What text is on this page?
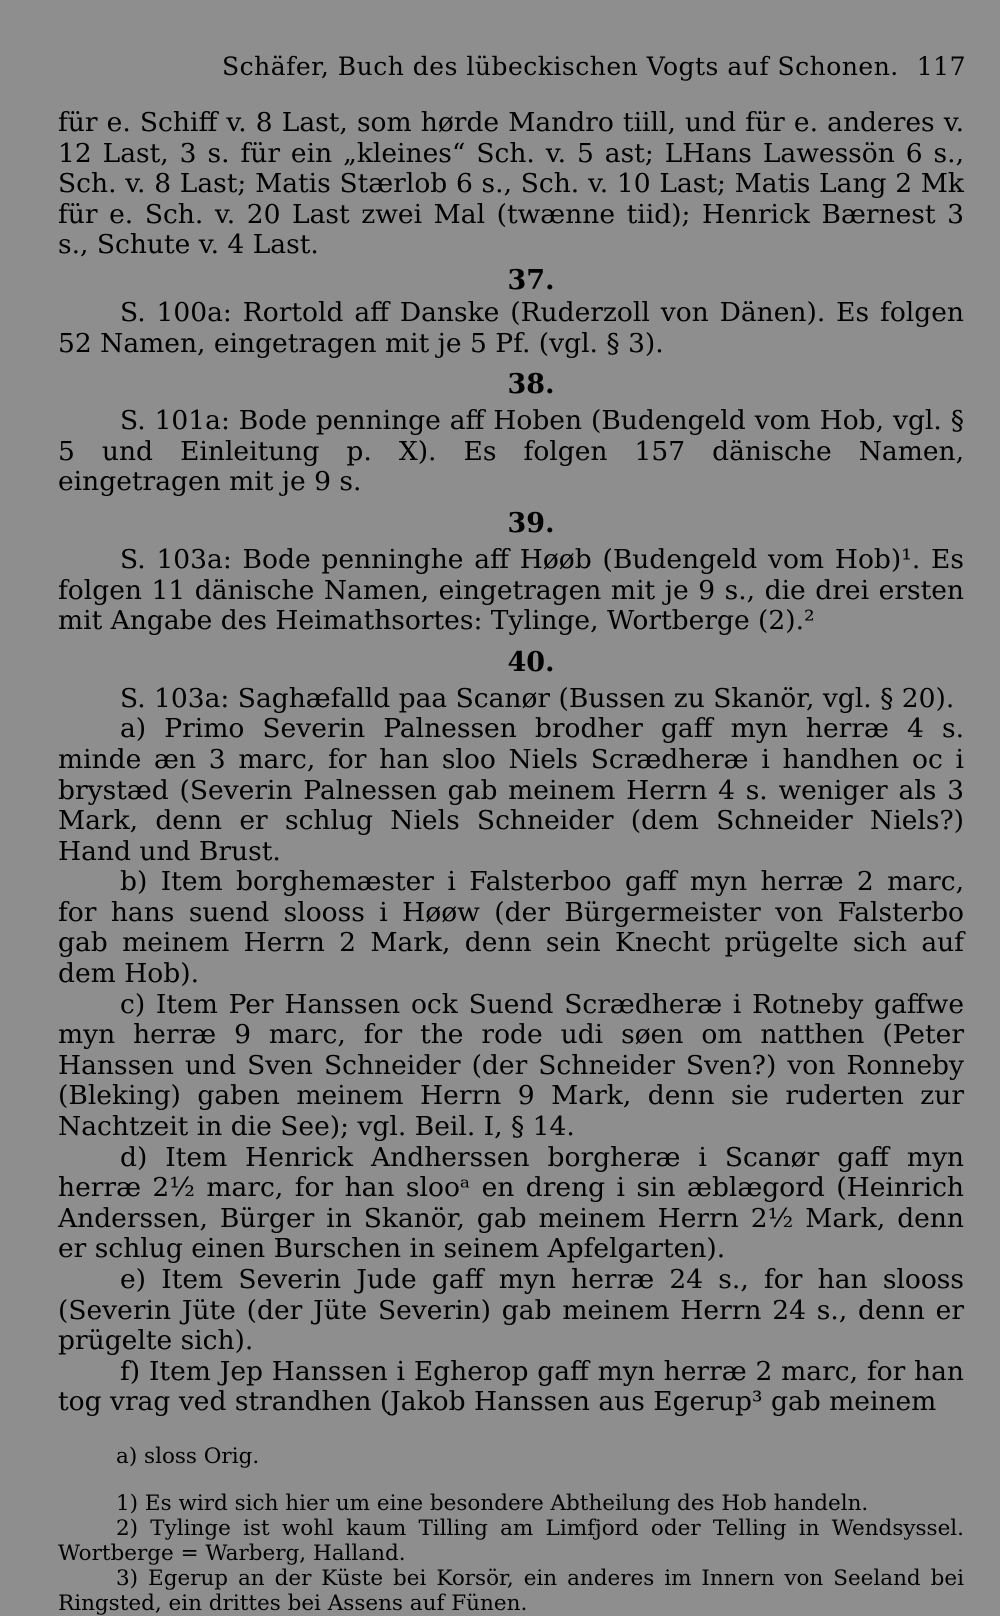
Schäfer, Buch des lübeckischen Vogts auf Schonen. 117

für e. Schiff v. 8 Last, som hørde Mandro tiill, und für e. anderes v. 12 Last, 3 s. für ein „kleines“ Sch. v. 5 ast; LHans Lawessön 6 s., Sch. v. 8 Last; Matis Stærlob 6 s., Sch. v. 10 Last; Matis Lang 2 Mk für e. Sch. v. 20 Last zwei Mal (twænne tiid); Henrick Bærnest 3 s., Schute v. 4 Last.

37.

S. 100a: Rortold aff Danske (Ruderzoll von Dänen). Es folgen 52 Namen, eingetragen mit je 5 Pf. (vgl. § 3).

38.

S. 101a: Bode penninge aff Hoben (Budengeld vom Hob, vgl. § 5 und Einleitung p. X). Es folgen 157 dänische Namen, eingetragen mit je 9 s.

39.

S. 103a: Bode penninghe aff Høøb (Budengeld vom Hob)¹. Es folgen 11 dänische Namen, eingetragen mit je 9 s., die drei ersten mit Angabe des Heimathsortes: Tylinge, Wortberge (2).²

40.

S. 103a: Saghæfalld paa Scanør (Bussen zu Skanör, vgl. § 20).

a) Primo Severin Palnessen brodher gaff myn herræ 4 s. minde æn 3 marc, for han sloo Niels Scrædheræ i handhen oc i brystæd (Severin Palnessen gab meinem Herrn 4 s. weniger als 3 Mark, denn er schlug Niels Schneider (dem Schneider Niels?) Hand und Brust.

b) Item borghemæster i Falsterboo gaff myn herræ 2 marc, for hans suend slooss i Høøw (der Bürgermeister von Falsterbo gab meinem Herrn 2 Mark, denn sein Knecht prügelte sich auf dem Hob).

c) Item Per Hanssen ock Suend Scrædheræ i Rotneby gaffwe myn herræ 9 marc, for the rode udi søen om natthen (Peter Hanssen und Sven Schneider (der Schneider Sven?) von Ronneby (Bleking) gaben meinem Herrn 9 Mark, denn sie ruderten zur Nachtzeit in die See); vgl. Beil. I, § 14.

d) Item Henrick Andherssen borgheræ i Scanør gaff myn herræ 2½ marc, for han slooᵃ en dreng i sin æblægord (Heinrich Anderssen, Bürger in Skanör, gab meinem Herrn 2½ Mark, denn er schlug einen Burschen in seinem Apfelgarten).

e) Item Severin Jude gaff myn herræ 24 s., for han slooss (Severin Jüte (der Jüte Severin) gab meinem Herrn 24 s., denn er prügelte sich).

f) Item Jep Hanssen i Egherop gaff myn herræ 2 marc, for han tog vrag ved strandhen (Jakob Hanssen aus Egerup³ gab meinem

a) sloss Orig.

1) Es wird sich hier um eine besondere Abtheilung des Hob handeln.

2) Tylinge ist wohl kaum Tilling am Limfjord oder Telling in Wendsyssel. Wortberge = Warberg, Halland.

3) Egerup an der Küste bei Korsör, ein anderes im Innern von Seeland bei Ringsted, ein drittes bei Assens auf Fünen.
